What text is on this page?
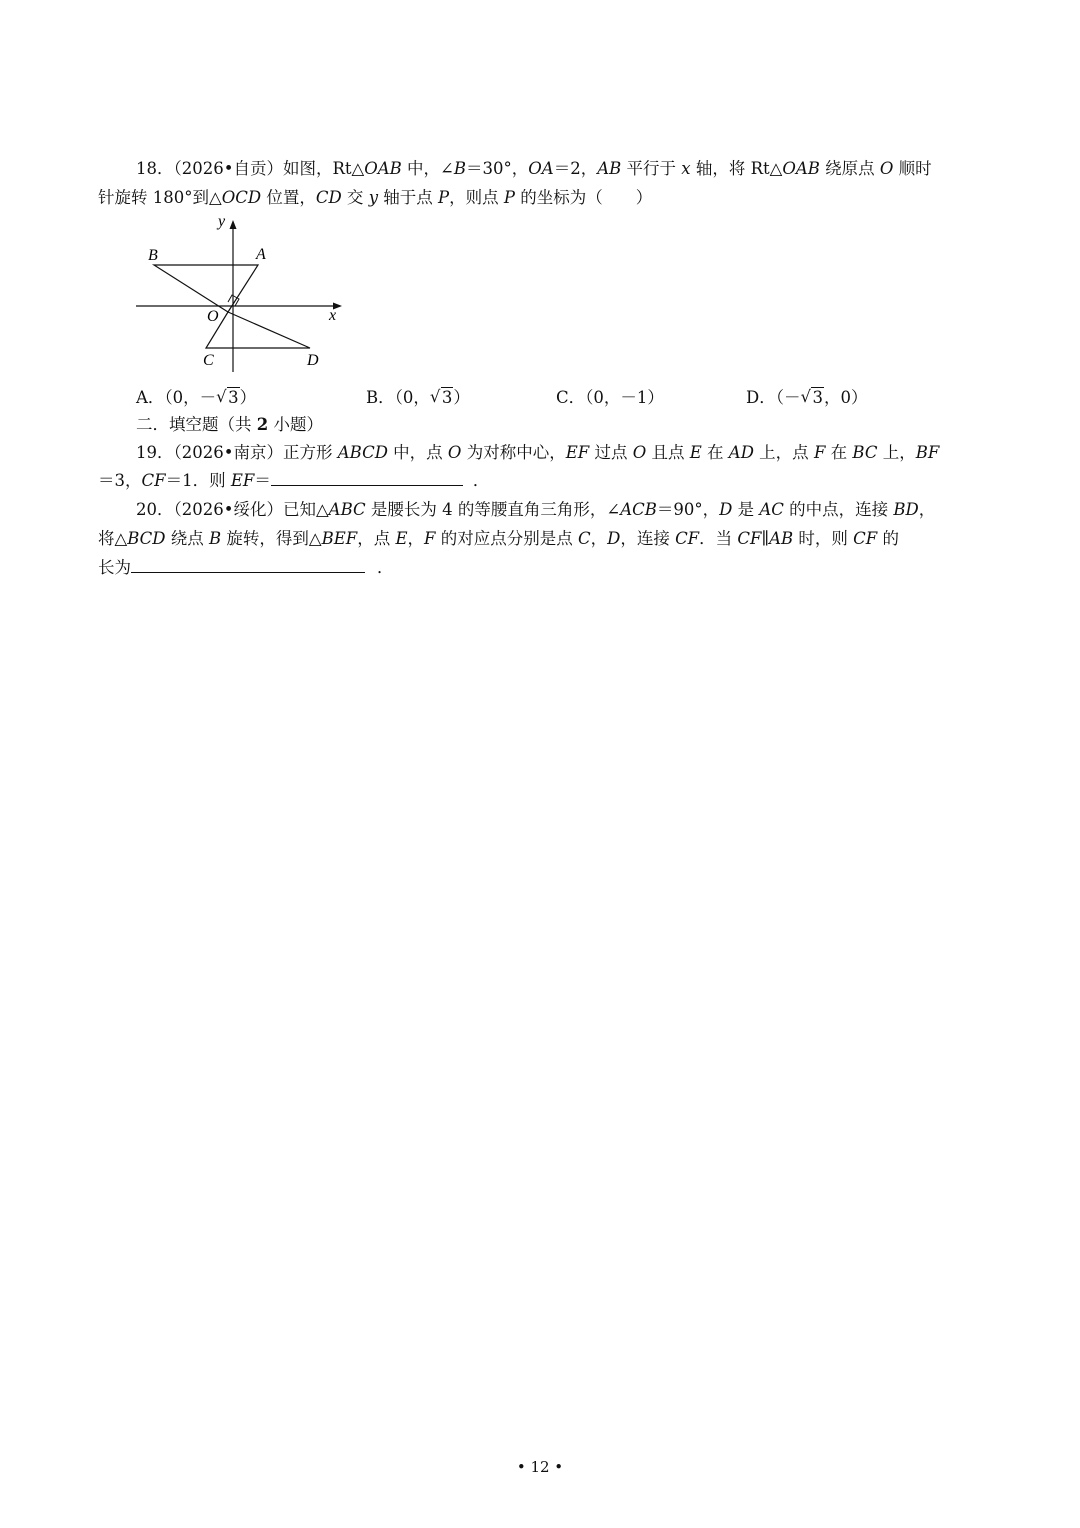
18．（2026•自贡）如图，Rt△OAB 中，∠B＝30°，OA＝2，AB 平行于 x 轴，将 Rt△OAB 绕原点 O 顺时
针旋转 180°到△OCD 位置，CD 交 y 轴于点 P，则点 P 的坐标为（　　）
y
x
B	A
O
C	D
A．（0，－ √ 3）	B．（0， √ 3）	C．（0，－1）	D．（－ √ 3，0）
二．填空题（共 2 小题）
19．（2026•南京）正方形 ABCD 中，点 O 为对称中心，EF 过点 O 且点 E 在 AD 上，点 F 在 BC 上，BF
＝3，CF＝1．则 EF＝	．
20．（2026•绥化）已知△ABC 是腰长为 4 的等腰直角三角形，∠ACB＝90°，D 是 AC 的中点，连接 BD，
将△BCD 绕点 B 旋转，得到△BEF，点 E，F 的对应点分别是点 C，D，连接 CF．当 CF∥AB 时，则 CF 的
长为	．
• 12 •
